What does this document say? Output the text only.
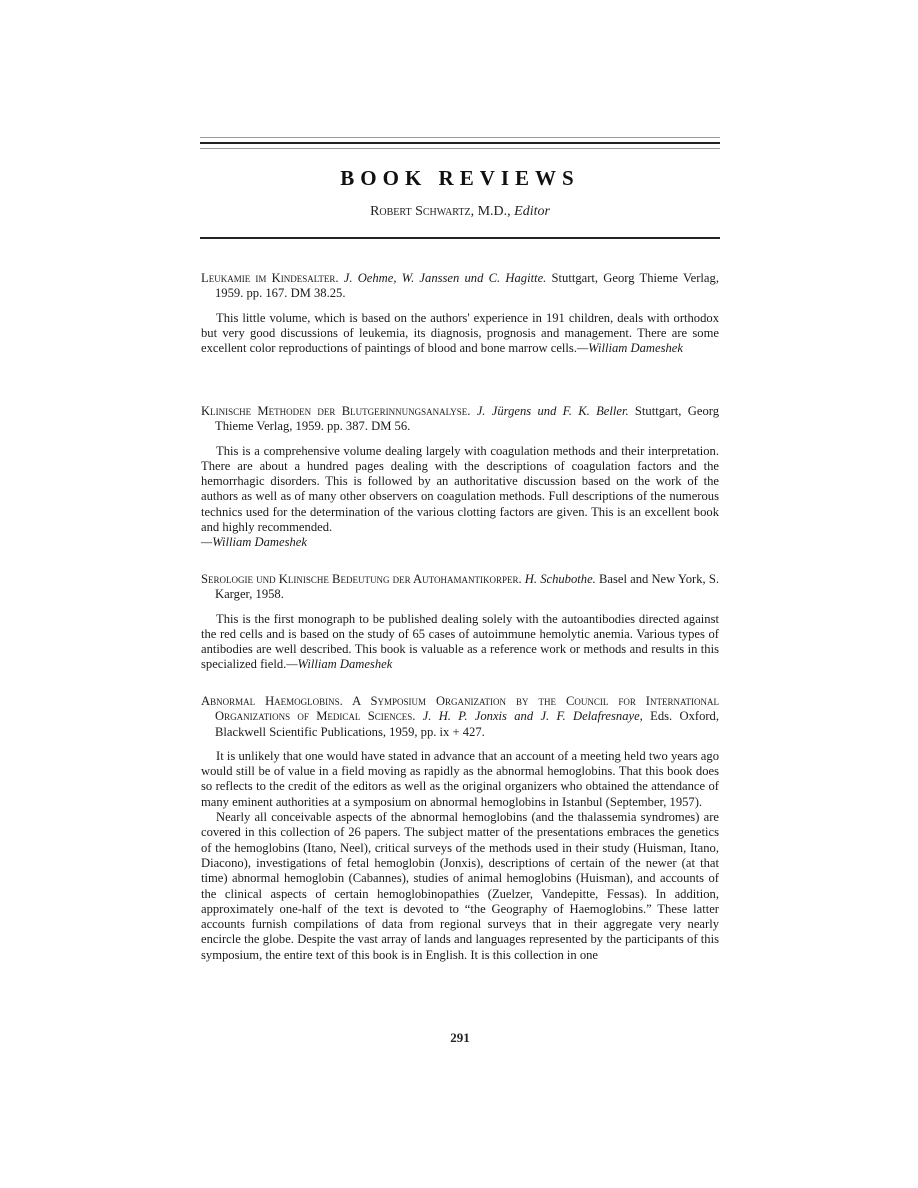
BOOK REVIEWS
Robert Schwartz, M.D., Editor
Leukamie im Kindesalter. J. Oehme, W. Janssen und C. Hagitte. Stuttgart, Georg Thieme Verlag, 1959. pp. 167. DM 38.25.
This little volume, which is based on the authors' experience in 191 children, deals with orthodox but very good discussions of leukemia, its diagnosis, prognosis and management. There are some excellent color reproductions of paintings of blood and bone marrow cells.—William Dameshek
Klinische Methoden der Blutgerinnungsanalyse. J. Jürgens und F. K. Beller. Stuttgart, Georg Thieme Verlag, 1959. pp. 387. DM 56.
This is a comprehensive volume dealing largely with coagulation methods and their interpretation. There are about a hundred pages dealing with the descriptions of coagulation factors and the hemorrhagic disorders. This is followed by an authoritative discussion based on the work of the authors as well as of many other observers on coagulation methods. Full descriptions of the numerous technics used for the determination of the various clotting factors are given. This is an excellent book and highly recommended.
—William Dameshek
Serologie und Klinische Bedeutung der Autohamantikorper. H. Schubothe. Basel and New York, S. Karger, 1958.
This is the first monograph to be published dealing solely with the autoantibodies directed against the red cells and is based on the study of 65 cases of autoimmune hemolytic anemia. Various types of antibodies are well described. This book is valuable as a reference work or methods and results in this specialized field.—William Dameshek
Abnormal Haemoglobins. A Symposium Organization by the Council for International Organizations of Medical Sciences. J. H. P. Jonxis and J. F. Delafresnaye, Eds. Oxford, Blackwell Scientific Publications, 1959, pp. ix + 427.
It is unlikely that one would have stated in advance that an account of a meeting held two years ago would still be of value in a field moving as rapidly as the abnormal hemoglobins. That this book does so reflects to the credit of the editors as well as the original organizers who obtained the attendance of many eminent authorities at a symposium on abnormal hemoglobins in Istanbul (September, 1957).
Nearly all conceivable aspects of the abnormal hemoglobins (and the thalassemia syndromes) are covered in this collection of 26 papers. The subject matter of the presentations embraces the genetics of the hemoglobins (Itano, Neel), critical surveys of the methods used in their study (Huisman, Itano, Diacono), investigations of fetal hemoglobin (Jonxis), descriptions of certain of the newer (at that time) abnormal hemoglobin (Cabannes), studies of animal hemoglobins (Huisman), and accounts of the clinical aspects of certain hemoglobinopathies (Zuelzer, Vandepitte, Fessas). In addition, approximately one-half of the text is devoted to “the Geography of Haemoglobins.” These latter accounts furnish compilations of data from regional surveys that in their aggregate very nearly encircle the globe. Despite the vast array of lands and languages represented by the participants of this symposium, the entire text of this book is in English. It is this collection in one
291
